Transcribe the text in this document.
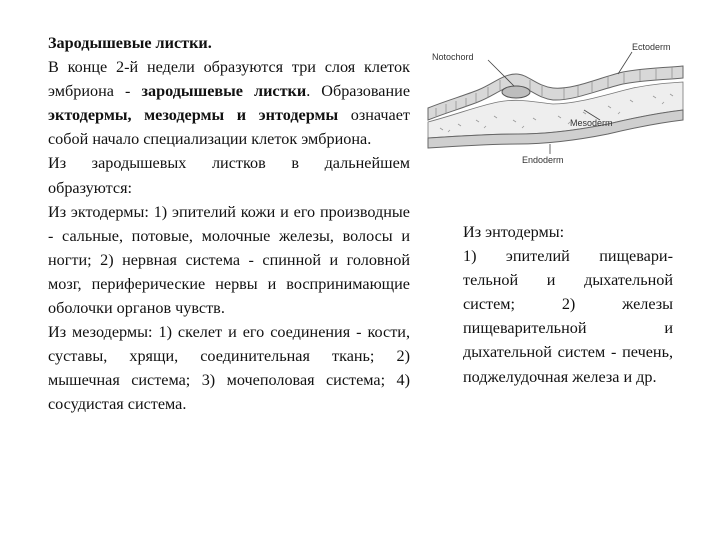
Зародышевые листки.

В конце 2-й недели образуются три слоя клеток эмбриона - зародышевые листки. Образование эктодермы, мезодермы и энтодермы означает собой начало специализации клеток эмбриона.

Из зародышевых листков в дальнейшем образуются:

Из эктодермы: 1) эпителий кожи и его производные - сальные, потовые, молочные железы, волосы и ногти; 2) нервная система - спинной и головной мозг, периферические нервы и воспринимающие оболочки органов чувств.

Из мезодермы: 1) скелет и его соединения - кости, суставы, хрящи, соединительная ткань; 2) мышечная система; 3) мочеполовая система; 4) сосудистая система.

Notochord
Ectoderm
Mesoderm
Endoderm

Из энтодермы:

1) эпителий пищевари-тельной и дыхательной систем; 2) железы пищеварительной и дыхательной систем - печень, поджелудочная железа и др.
